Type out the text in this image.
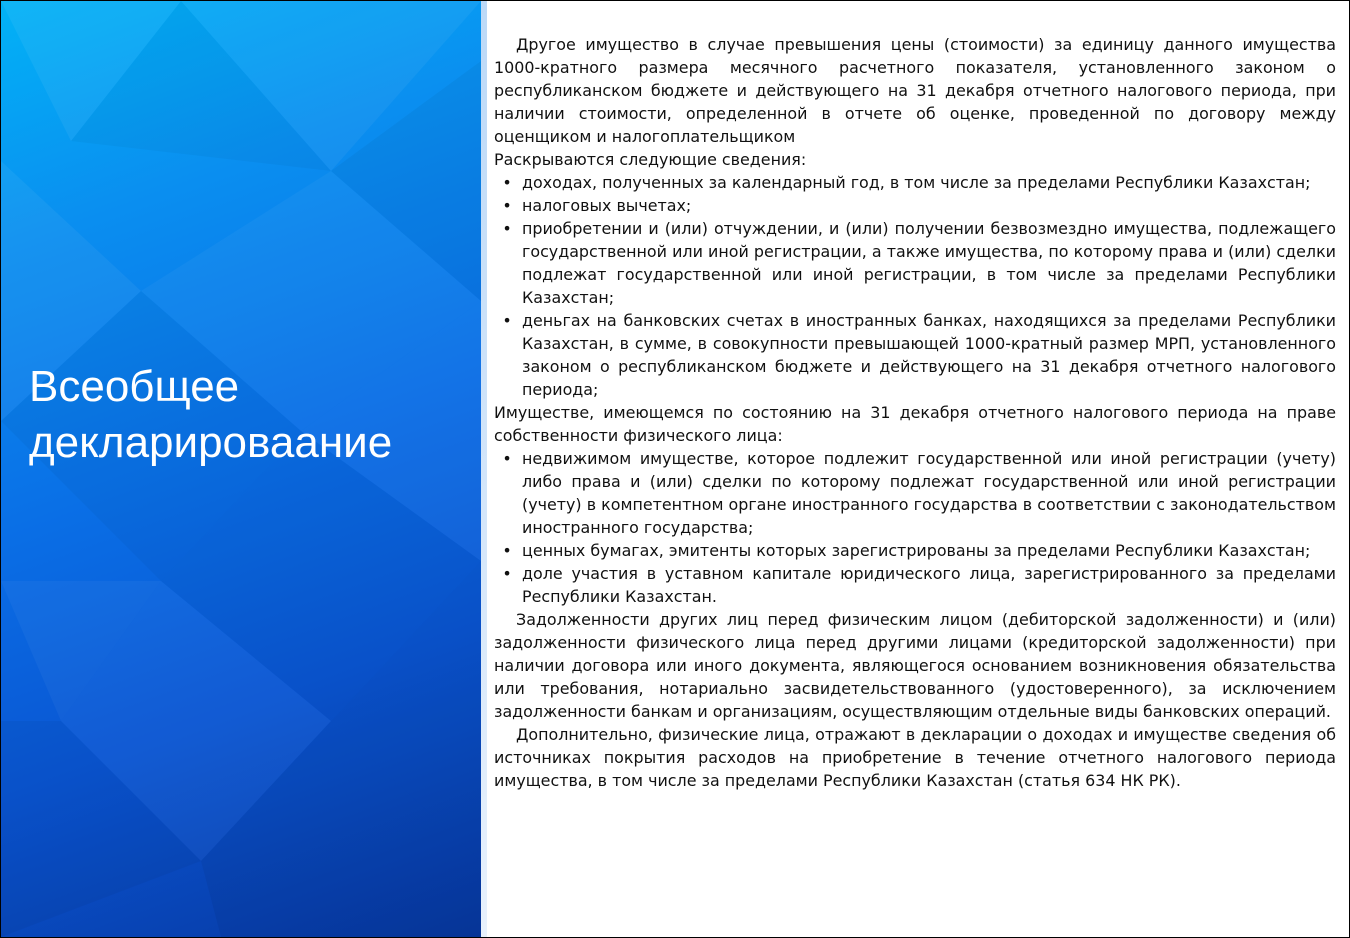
Всеобщее
декларироваание

Другое имущество в случае превышения цены (стоимости) за единицу данного имущества 1000-кратного размера месячного расчетного показателя, установленного законом о республиканском бюджете и действующего на 31 декабря отчетного налогового периода, при наличии стоимости, определенной в отчете об оценке, проведенной по договору между оценщиком и налогоплательщиком

Раскрываются следующие сведения:

• доходах, полученных за календарный год, в том числе за пределами Республики Казахстан;
• налоговых вычетах;
• приобретении и (или) отчуждении, и (или) получении безвозмездно имущества, подлежащего государственной или иной регистрации, а также имущества, по которому права и (или) сделки подлежат государственной или иной регистрации, в том числе за пределами Республики Казахстан;
• деньгах на банковских счетах в иностранных банках, находящихся за пределами Республики Казахстан, в сумме, в совокупности превышающей 1000-кратный размер МРП, установленного законом о республиканском бюджете и действующего на 31 декабря отчетного налогового периода;

Имуществе, имеющемся по состоянию на 31 декабря отчетного налогового периода на праве собственности физического лица:

• недвижимом имуществе, которое подлежит государственной или иной регистрации (учету) либо права и (или) сделки по которому подлежат государственной или иной регистрации (учету) в компетентном органе иностранного государства в соответствии с законодательством иностранного государства;
• ценных бумагах, эмитенты которых зарегистрированы за пределами Республики Казахстан;
• доле участия в уставном капитале юридического лица, зарегистрированного за пределами Республики Казахстан.

Задолженности других лиц перед физическим лицом (дебиторской задолженности) и (или) задолженности физического лица перед другими лицами (кредиторской задолженности) при наличии договора или иного документа, являющегося основанием возникновения обязательства или требования, нотариально засвидетельствованного (удостоверенного), за исключением задолженности банкам и организациям, осуществляющим отдельные виды банковских операций.

Дополнительно, физические лица, отражают в декларации о доходах и имуществе сведения об источниках покрытия расходов на приобретение в течение отчетного налогового периода имущества, в том числе за пределами Республики Казахстан (статья 634 НК РК).
